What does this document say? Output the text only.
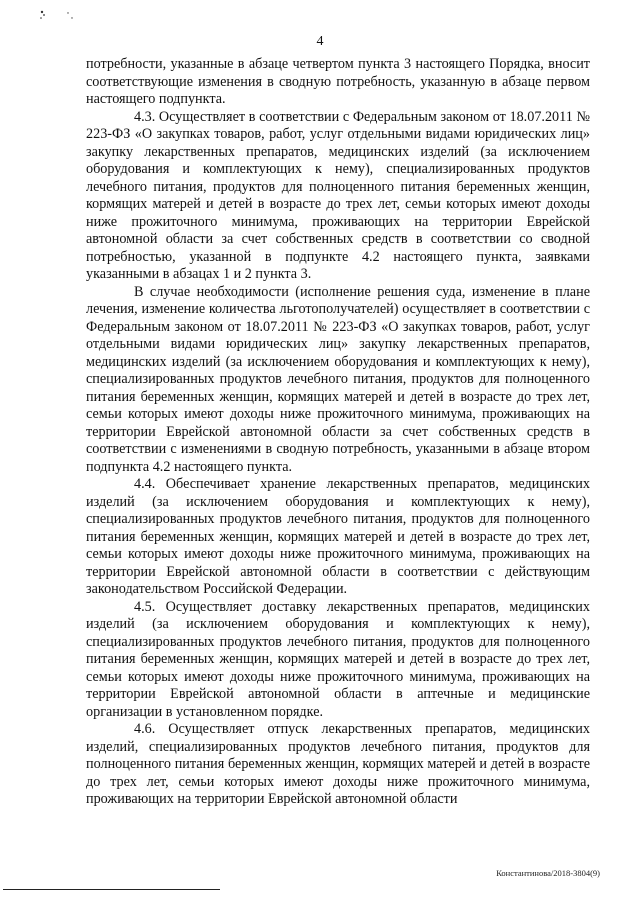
4

потребности, указанные в абзаце четвертом пункта 3 настоящего Порядка, вносит соответствующие изменения в сводную потребность, указанную в абзаце первом настоящего подпункта.

4.3. Осуществляет в соответствии с Федеральным законом от 18.07.2011 № 223-ФЗ «О закупках товаров, работ, услуг отдельными видами юридических лиц» закупку лекарственных препаратов, медицинских изделий (за исключением оборудования и комплектующих к нему), специализированных продуктов лечебного питания, продуктов для полноценного питания беременных женщин, кормящих матерей и детей в возрасте до трех лет, семьи которых имеют доходы ниже прожиточного минимума, проживающих на территории Еврейской автономной области за счет собственных средств в соответствии со сводной потребностью, указанной в подпункте 4.2 настоящего пункта, заявками указанными в абзацах 1 и 2 пункта 3.

В случае необходимости (исполнение решения суда, изменение в плане лечения, изменение количества льготополучателей) осуществляет в соответствии с Федеральным законом от 18.07.2011 № 223-ФЗ «О закупках товаров, работ, услуг отдельными видами юридических лиц» закупку лекарственных препаратов, медицинских изделий (за исключением оборудования и комплектующих к нему), специализированных продуктов лечебного питания, продуктов для полноценного питания беременных женщин, кормящих матерей и детей в возрасте до трех лет, семьи которых имеют доходы ниже прожиточного минимума, проживающих на территории Еврейской автономной области за счет собственных средств в соответствии с изменениями в сводную потребность, указанными в абзаце втором подпункта 4.2 настоящего пункта.

4.4. Обеспечивает хранение лекарственных препаратов, медицинских изделий (за исключением оборудования и комплектующих к нему), специализированных продуктов лечебного питания, продуктов для полноценного питания беременных женщин, кормящих матерей и детей в возрасте до трех лет, семьи которых имеют доходы ниже прожиточного минимума, проживающих на территории Еврейской автономной области в соответствии с действующим законодательством Российской Федерации.

4.5. Осуществляет доставку лекарственных препаратов, медицинских изделий (за исключением оборудования и комплектующих к нему), специализированных продуктов лечебного питания, продуктов для полноценного питания беременных женщин, кормящих матерей и детей в возрасте до трех лет, семьи которых имеют доходы ниже прожиточного минимума, проживающих на территории Еврейской автономной области в аптечные и медицинские организации в установленном порядке.

4.6. Осуществляет отпуск лекарственных препаратов, медицинских изделий, специализированных продуктов лечебного питания, продуктов для полноценного питания беременных женщин, кормящих матерей и детей в возрасте до трех лет, семьи которых имеют доходы ниже прожиточного минимума, проживающих на территории Еврейской автономной области

Константинова/2018-3804(9)
